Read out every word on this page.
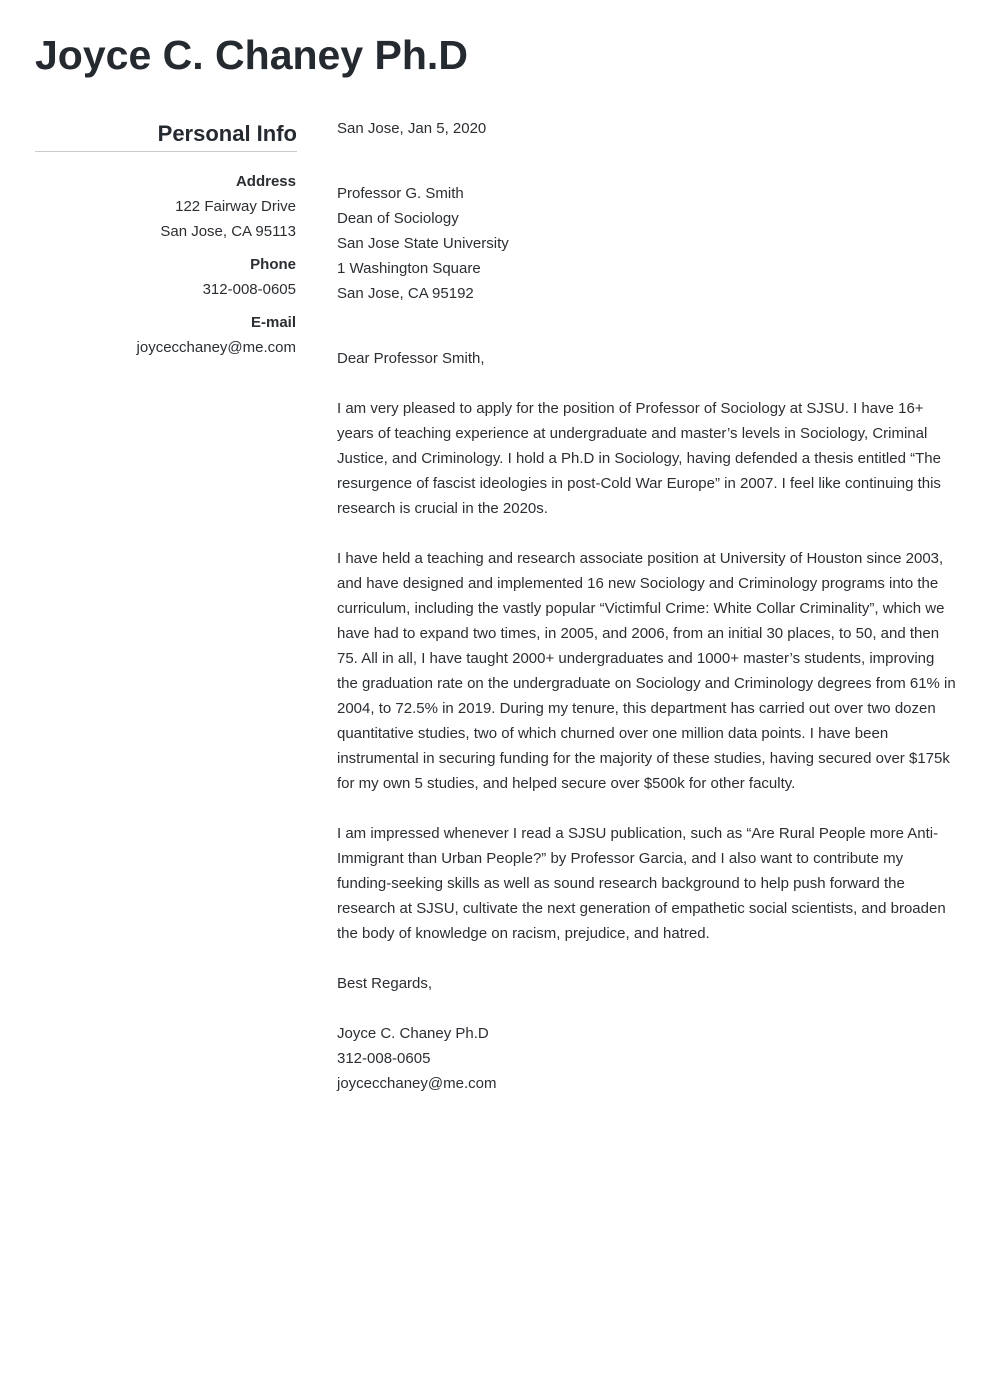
Joyce C. Chaney Ph.D
Personal Info
Address
122 Fairway Drive
San Jose, CA 95113
Phone
312-008-0605
E-mail
joycecchaney@me.com
San Jose, Jan 5, 2020
Professor G. Smith
Dean of Sociology
San Jose State University
1 Washington Square
San Jose, CA 95192
Dear Professor Smith,

I am very pleased to apply for the position of Professor of Sociology at SJSU. I have 16+ years of teaching experience at undergraduate and master’s levels in Sociology, Criminal Justice, and Criminology. I hold a Ph.D in Sociology, having defended a thesis entitled “The resurgence of fascist ideologies in post-Cold War Europe” in 2007. I feel like continuing this research is crucial in the 2020s.

I have held a teaching and research associate position at University of Houston since 2003, and have designed and implemented 16 new Sociology and Criminology programs into the curriculum, including the vastly popular “Victimful Crime: White Collar Criminality”, which we have had to expand two times, in 2005, and 2006, from an initial 30 places, to 50, and then 75. All in all, I have taught 2000+ undergraduates and 1000+ master’s students, improving the graduation rate on the undergraduate on Sociology and Criminology degrees from 61% in 2004, to 72.5% in 2019. During my tenure, this department has carried out over two dozen quantitative studies, two of which churned over one million data points. I have been instrumental in securing funding for the majority of these studies, having secured over $175k for my own 5 studies, and helped secure over $500k for other faculty.

I am impressed whenever I read a SJSU publication, such as “Are Rural People more Anti-Immigrant than Urban People?” by Professor Garcia, and I also want to contribute my funding-seeking skills as well as sound research background to help push forward the research at SJSU, cultivate the next generation of empathetic social scientists, and broaden the body of knowledge on racism, prejudice, and hatred.

Best Regards,
Joyce C. Chaney Ph.D
312-008-0605
joycecchaney@me.com
